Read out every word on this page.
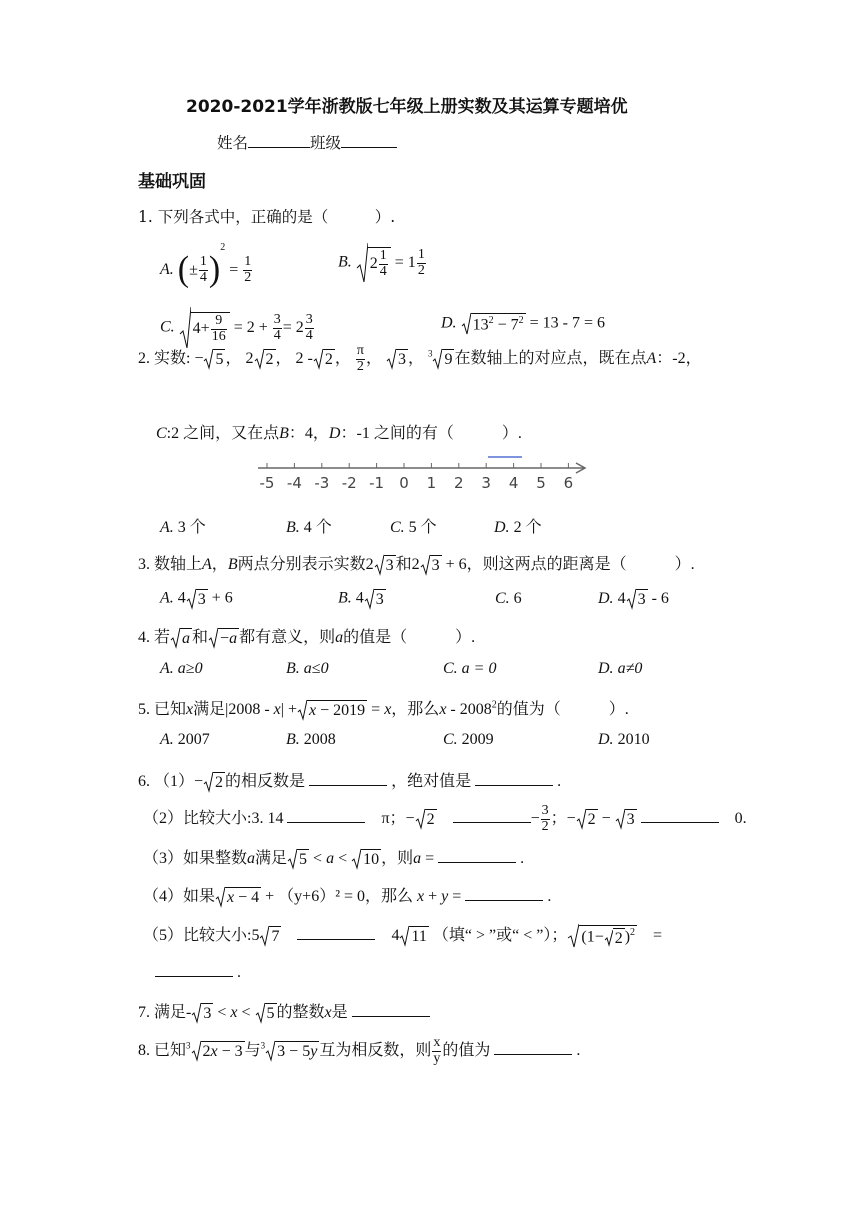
2020-2021学年浙教版七年级上册实数及其运算专题培优
姓名	班级
基础巩固
1. 下列各式中，正确的是（　　　）.
A. (± $\frac{1}{4} )^2 = \frac{1}{2}$	B. $2 \frac{1}{4} = 1 \frac{1}{2}$
C. $4+ \frac{9}{16} = 2 + \frac{3}{4} = 2 \frac{3}{4}$	D. $13^2 - 7^2 = 13 - 7 = 6$
2. 实数: − 5 ， 2 2 ， 2 - 2 ， $\frac{\pi}{2}$ ， 3 ， $^3$ 9 在数轴上的对应点，既在点A：-2，
C:2 之间，又在点B：4，D：-1 之间的有（　　　）.
-5 -4 -3 -2 -1 0 1 2 3 4 5 6
A. 3 个	B. 4 个	C. 5 个	D. 2 个
3. 数轴上A，B两点分别表示实数2 3 和2 3 + 6，则这两点的距离是（　　　）.
A. 4 3 + 6	B. 4 3	C. 6	D. 4 3 - 6
4. 若 a 和 −a 都有意义，则a的值是（　　　）.
A. a≥0	B. a≤0	C. a = 0	D. a≠0
5. 已知x满足|2008 - x| + x − 2019 = x，那么x - 2008$^2$的值为（　　　）.
A. 2007	B. 2008	C. 2009	D. 2010
6. （1）− 2 的相反数是	，绝对值是	.
（2）比较大小:3. 14	　π；− 2　	− $\frac{3}{2}$ ；− 2 − 3	　0.
（3）如果整数a满足 5 < a < 10 ，则a =	.
（4）如果 x − 4 + （y+6）² = 0，那么 x + y =	.
（5）比较大小:5 7　	　4 11 （填“ > ”或“ < ”）； (1− 2 )$^2$　=
.
7. 满足- 3 < x < 5 的整数x是
8. 已知$^3$ 2x − 3 与$^3$ 3 − 5y 互为相反数，则 $\frac{x}{y}$ 的值为	.
